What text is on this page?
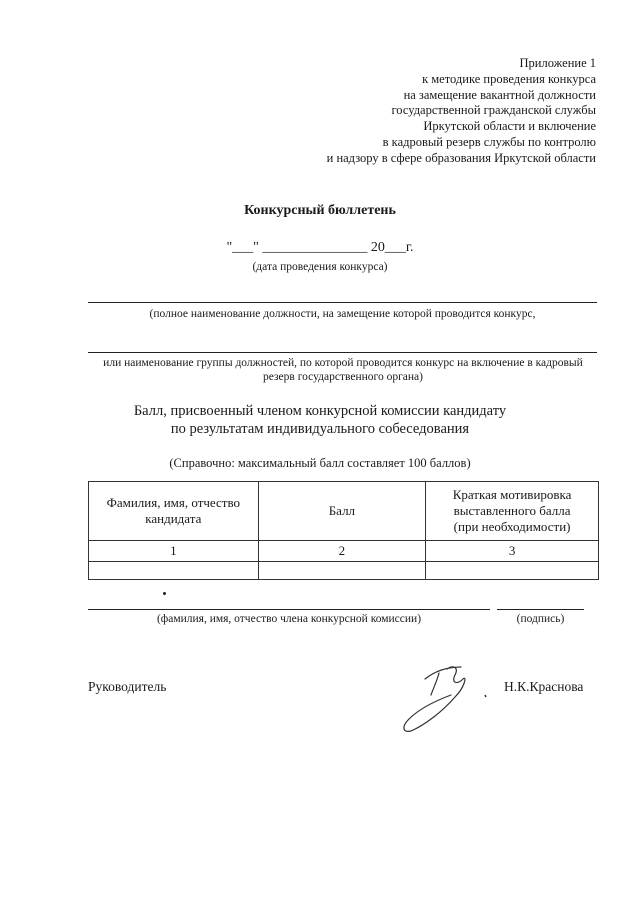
Приложение 1
к методике проведения конкурса
на замещение вакантной должности
государственной гражданской службы
Иркутской области и включение
в кадровый резерв службы по контролю
и надзору в сфере образования Иркутской области
Конкурсный бюллетень
"___" _______________ 20___г.
(дата проведения конкурса)
(полное наименование должности, на замещение которой проводится конкурс,
или наименование группы должностей, по которой проводится конкурс на включение в кадровый резерв государственного органа)
Балл, присвоенный членом конкурсной комиссии кандидату
по результатам индивидуального собеседования
(Справочно: максимальный балл составляет 100 баллов)
Фамилия, имя, отчество кандидата	Балл	Краткая мотивировка выставленного балла (при необходимости)
1	2	3

(фамилия, имя, отчество члена конкурсной комиссии)	(подпись)
Руководитель	Н.К.Краснова
